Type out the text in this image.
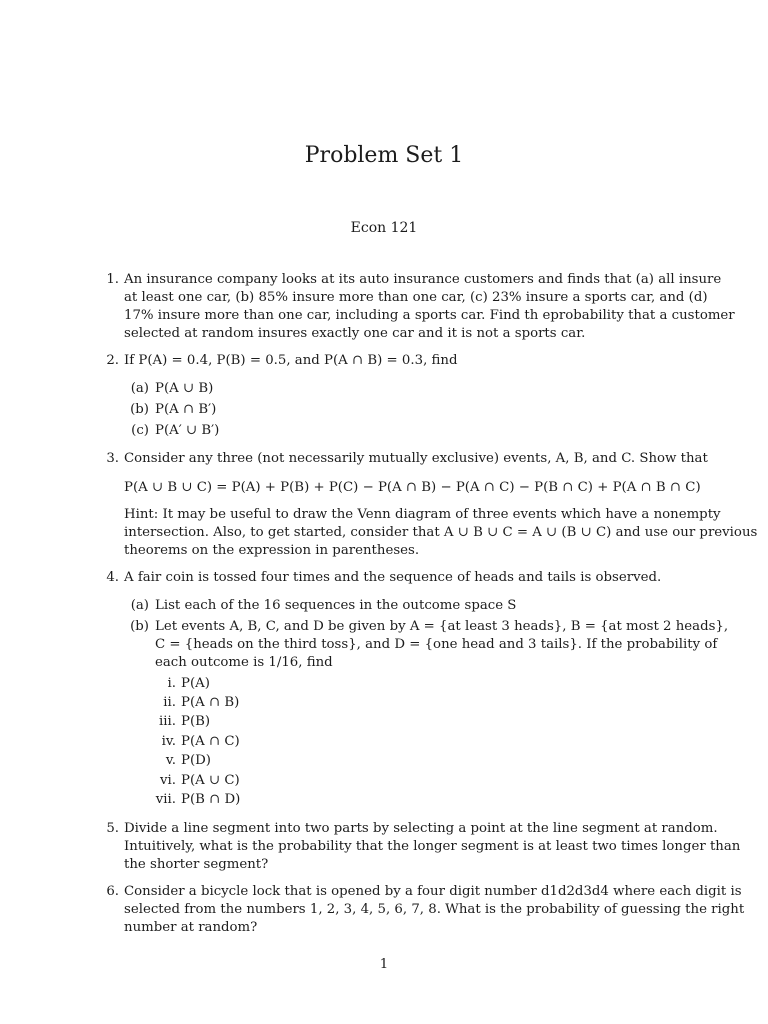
Problem Set 1
Econ 121
1. An insurance company looks at its auto insurance customers and finds that (a) all insure
at least one car, (b) 85% insure more than one car, (c) 23% insure a sports car, and (d)
17% insure more than one car, including a sports car. Find th eprobability that a customer
selected at random insures exactly one car and it is not a sports car.
2. If P(A) = 0.4, P(B) = 0.5, and P(A ∩ B) = 0.3, find
(a) P(A ∪ B)
(b) P(A ∩ B′)
(c) P(A′ ∪ B′)
3. Consider any three (not necessarily mutually exclusive) events, A, B, and C. Show that
P(A ∪ B ∪ C) = P(A) + P(B) + P(C) − P(A ∩ B) − P(A ∩ C) − P(B ∩ C) + P(A ∩ B ∩ C)
Hint: It may be useful to draw the Venn diagram of three events which have a nonempty
intersection. Also, to get started, consider that A ∪ B ∪ C = A ∪ (B ∪ C) and use our previous
theorems on the expression in parentheses.
4. A fair coin is tossed four times and the sequence of heads and tails is observed.
(a) List each of the 16 sequences in the outcome space S
(b) Let events A, B, C, and D be given by A = {at least 3 heads}, B = {at most 2 heads},
C = {heads on the third toss}, and D = {one head and 3 tails}. If the probability of
each outcome is 1/16, find
i. P(A)
ii. P(A ∩ B)
iii. P(B)
iv. P(A ∩ C)
v. P(D)
vi. P(A ∪ C)
vii. P(B ∩ D)
5. Divide a line segment into two parts by selecting a point at the line segment at random.
Intuitively, what is the probability that the longer segment is at least two times longer than
the shorter segment?
6. Consider a bicycle lock that is opened by a four digit number d1d2d3d4 where each digit is
selected from the numbers 1, 2, 3, 4, 5, 6, 7, 8. What is the probability of guessing the right
number at random?
1
